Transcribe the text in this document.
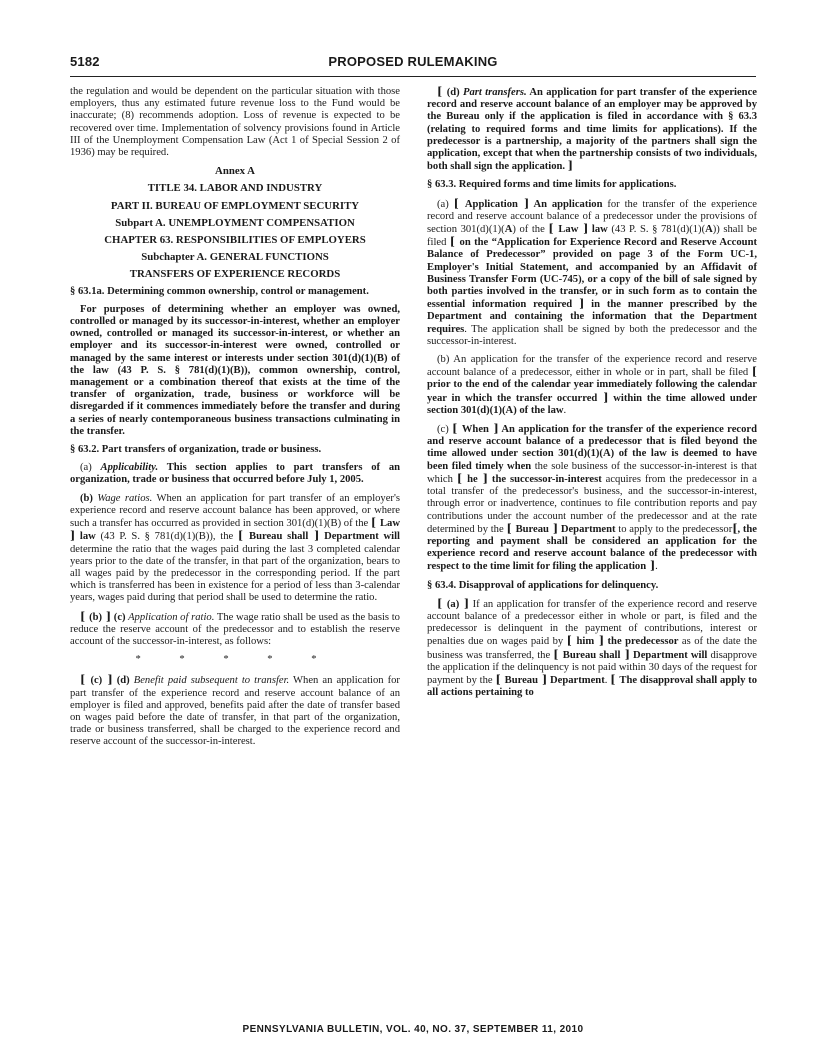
5182	PROPOSED RULEMAKING

the regulation and would be dependent on the particular situation with those employers, thus any estimated future revenue loss to the Fund would be inaccurate; (8) recommends adoption. Loss of revenue is expected to be recovered over time. Implementation of solvency provisions found in Article III of the Unemployment Compensation Law (Act 1 of Special Session 2 of 1936) may be required.

Annex A
TITLE 34. LABOR AND INDUSTRY
PART II. BUREAU OF EMPLOYMENT SECURITY
Subpart A. UNEMPLOYMENT COMPENSATION
CHAPTER 63. RESPONSIBILITIES OF EMPLOYERS
Subchapter A. GENERAL FUNCTIONS
TRANSFERS OF EXPERIENCE RECORDS
§ 63.1a. Determining common ownership, control or management.

For purposes of determining whether an employer was owned, controlled or managed by its successor-in-interest, whether an employer owned, controlled or managed its successor-in-interest, or whether an employer and its successor-in-interest were owned, controlled or managed by the same interest or interests under section 301(d)(1)(B) of the law (43 P. S. § 781(d)(1)(B)), common ownership, control, management or a combination thereof that exists at the time of the transfer of organization, trade, business or workforce will be disregarded if it commences immediately before the transfer and during a series of nearly contemporaneous business transactions culminating in the transfer.

§ 63.2. Part transfers of organization, trade or business.

(a) Applicability. This section applies to part transfers of an organization, trade or business that occurred before July 1, 2005.

(b) Wage ratios. When an application for part transfer of an employer's experience record and reserve account balance has been approved, or where such a transfer has occurred as provided in section 301(d)(1)(B) of the [ Law ] law (43 P. S. § 781(d)(1)(B)), the [ Bureau shall ] Department will determine the ratio that the wages paid during the last 3 completed calendar years prior to the date of the transfer, in that part of the organization, bears to all wages paid by the predecessor in the corresponding period. If the part which is transferred has been in existence for a period of less than 3-calendar years, wages paid during that period shall be used to determine the ratio.

[ (b) ] (c) Application of ratio. The wage ratio shall be used as the basis to reduce the reserve account of the predecessor and to establish the reserve account of the successor-in-interest, as follows:

* * * * *

[ (c) ] (d) Benefit paid subsequent to transfer. When an application for part transfer of the experience record and reserve account balance of an employer is filed and approved, benefits paid after the date of transfer based on wages paid before the date of transfer, in that part of the organization, trade or business transferred, shall be charged to the experience record and reserve account of the successor-in-interest.

[ (d) Part transfers. An application for part transfer of the experience record and reserve account balance of an employer may be approved by the Bureau only if the application is filed in accordance with § 63.3 (relating to required forms and time limits for applications). If the predecessor is a partnership, a majority of the partners shall sign the application, except that when the partnership consists of two individuals, both shall sign the application. ]

§ 63.3. Required forms and time limits for applications.

(a) [ Application ] An application for the transfer of the experience record and reserve account balance of a predecessor under the provisions of section 301(d)(1)(A) of the [ Law ] law (43 P. S. § 781(d)(1)(A)) shall be filed [ on the “Application for Experience Record and Reserve Account Balance of Predecessor” provided on page 3 of the Form UC-1, Employer's Initial Statement, and accompanied by an Affidavit of Business Transfer Form (UC-745), or a copy of the bill of sale signed by both parties involved in the transfer, or in such form as to contain the essential information required ] in the manner prescribed by the Department and containing the information that the Department requires. The application shall be signed by both the predecessor and the successor-in-interest.

(b) An application for the transfer of the experience record and reserve account balance of a predecessor, either in whole or in part, shall be filed [ prior to the end of the calendar year immediately following the calendar year in which the transfer occurred ] within the time allowed under section 301(d)(1)(A) of the law.

(c) [ When ] An application for the transfer of the experience record and reserve account balance of a predecessor that is filed beyond the time allowed under section 301(d)(1)(A) of the law is deemed to have been filed timely when the sole business of the successor-in-interest is that which [ he ] the successor-in-interest acquires from the predecessor in a total transfer of the predecessor's business, and the successor-in-interest, through error or inadvertence, continues to file contribution reports and pay contributions under the account number of the predecessor and at the rate determined by the [ Bureau ] Department to apply to the predecessor[, the reporting and payment shall be considered an application for the experience record and reserve account balance of the predecessor with respect to the time limit for filing the application ].

§ 63.4. Disapproval of applications for delinquency.

[ (a) ] If an application for transfer of the experience record and reserve account balance of a predecessor either in whole or part, is filed and the predecessor is delinquent in the payment of contributions, interest or penalties due on wages paid by [ him ] the predecessor as of the date the business was transferred, the [ Bureau shall ] Department will disapprove the application if the delinquency is not paid within 30 days of the request for payment by the [ Bureau ] Department. [ The disapproval shall apply to all actions pertaining to

PENNSYLVANIA BULLETIN, VOL. 40, NO. 37, SEPTEMBER 11, 2010
